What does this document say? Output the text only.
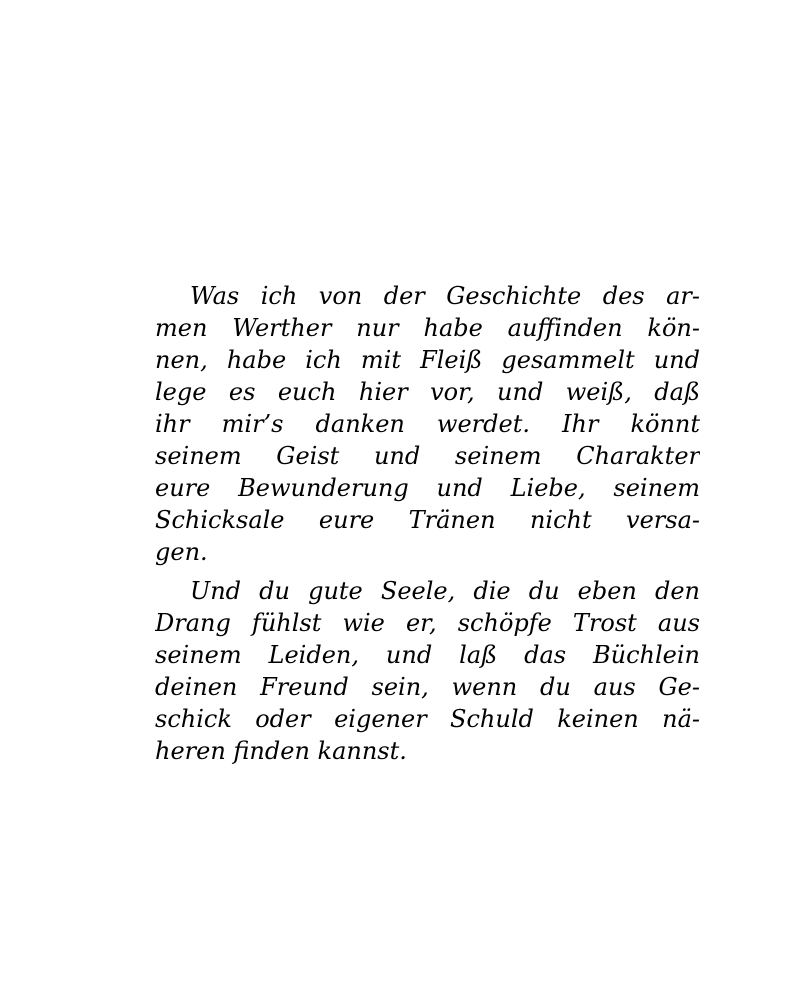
Was ich von der Geschichte des ar-
men Werther nur habe auffinden kön-
nen, habe ich mit Fleiß gesammelt und
lege es euch hier vor, und weiß, daß
ihr mir’s danken werdet. Ihr könnt
seinem Geist und seinem Charakter
eure Bewunderung und Liebe, seinem
Schicksale eure Tränen nicht versa-
gen.
Und du gute Seele, die du eben den
Drang fühlst wie er, schöpfe Trost aus
seinem Leiden, und laß das Büchlein
deinen Freund sein, wenn du aus Ge-
schick oder eigener Schuld keinen nä-
heren finden kannst.
